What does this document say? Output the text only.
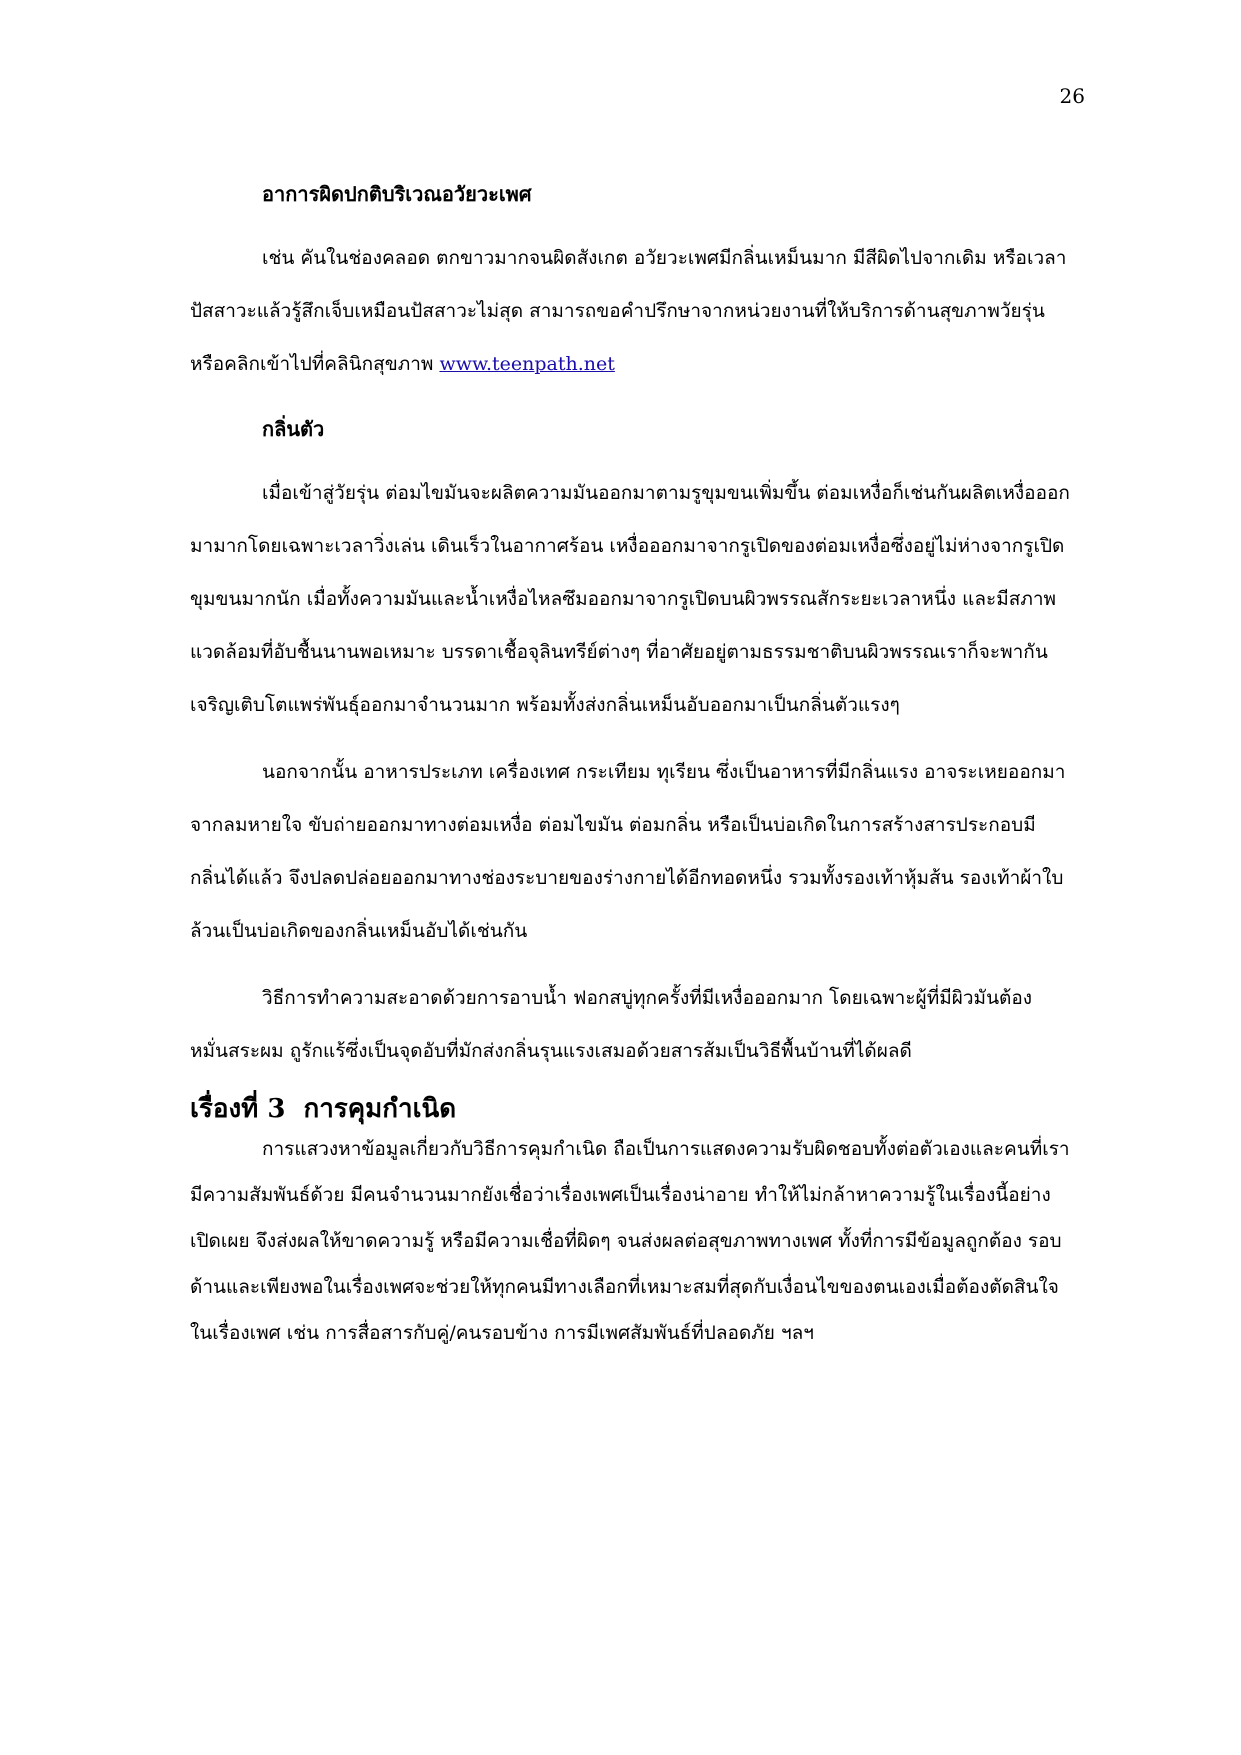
26
อาการผิดปกติบริเวณอวัยวะเพศ

เช่น คันในช่องคลอด ตกขาวมากจนผิดสังเกต อวัยวะเพศมีกลิ่นเหม็นมาก มีสีผิดไปจากเดิม หรือเวลาปัสสาวะแล้วรู้สึกเจ็บเหมือนปัสสาวะไม่สุด สามารถขอคำปรึกษาจากหน่วยงานที่ให้บริการด้านสุขภาพวัยรุ่น หรือคลิกเข้าไปที่คลินิกสุขภาพ www.teenpath.net

กลิ่นตัว

เมื่อเข้าสู่วัยรุ่น ต่อมไขมันจะผลิตความมันออกมาตามรูขุมขนเพิ่มขึ้น ต่อมเหงื่อก็เช่นกันผลิตเหงื่อออกมามากโดยเฉพาะเวลาวิ่งเล่น เดินเร็วในอากาศร้อน เหงื่อออกมาจากรูเปิดของต่อมเหงื่อซึ่งอยู่ไม่ห่างจากรูเปิดขุมขนมากนัก เมื่อทั้งความมันและน้ำเหงื่อไหลซึมออกมาจากรูเปิดบนผิวพรรณสักระยะเวลาหนึ่ง และมีสภาพแวดล้อมที่อับชื้นนานพอเหมาะ บรรดาเชื้อจุลินทรีย์ต่างๆ ที่อาศัยอยู่ตามธรรมชาติบนผิวพรรณเราก็จะพากันเจริญเติบโตแพร่พันธุ์ออกมาจำนวนมาก พร้อมทั้งส่งกลิ่นเหม็นอับออกมาเป็นกลิ่นตัวแรงๆ

นอกจากนั้น อาหารประเภท เครื่องเทศ กระเทียม ทุเรียน ซึ่งเป็นอาหารที่มีกลิ่นแรง อาจระเหยออกมาจากลมหายใจ ขับถ่ายออกมาทางต่อมเหงื่อ ต่อมไขมัน ต่อมกลิ่น หรือเป็นบ่อเกิดในการสร้างสารประกอบมีกลิ่นได้แล้ว จึงปลดปล่อยออกมาทางช่องระบายของร่างกายได้อีกทอดหนึ่ง รวมทั้งรองเท้าหุ้มส้น รองเท้าผ้าใบ ล้วนเป็นบ่อเกิดของกลิ่นเหม็นอับได้เช่นกัน

วิธีการทำความสะอาดด้วยการอาบน้ำ ฟอกสบู่ทุกครั้งที่มีเหงื่อออกมาก โดยเฉพาะผู้ที่มีผิวมันต้องหมั่นสระผม ถูรักแร้ซึ่งเป็นจุดอับที่มักส่งกลิ่นรุนแรงเสมอด้วยสารส้มเป็นวิธีพื้นบ้านที่ได้ผลดี

เรื่องที่ 3 การคุมกำเนิด

การแสวงหาข้อมูลเกี่ยวกับวิธีการคุมกำเนิด ถือเป็นการแสดงความรับผิดชอบทั้งต่อตัวเองและคนที่เรามีความสัมพันธ์ด้วย มีคนจำนวนมากยังเชื่อว่าเรื่องเพศเป็นเรื่องน่าอาย ทำให้ไม่กล้าหาความรู้ในเรื่องนี้อย่างเปิดเผย จึงส่งผลให้ขาดความรู้ หรือมีความเชื่อที่ผิดๆ จนส่งผลต่อสุขภาพทางเพศ ทั้งที่การมีข้อมูลถูกต้อง รอบด้านและเพียงพอในเรื่องเพศจะช่วยให้ทุกคนมีทางเลือกที่เหมาะสมที่สุดกับเงื่อนไขของตนเองเมื่อต้องตัดสินใจในเรื่องเพศ เช่น การสื่อสารกับคู่/คนรอบข้าง การมีเพศสัมพันธ์ที่ปลอดภัย ฯลฯ
